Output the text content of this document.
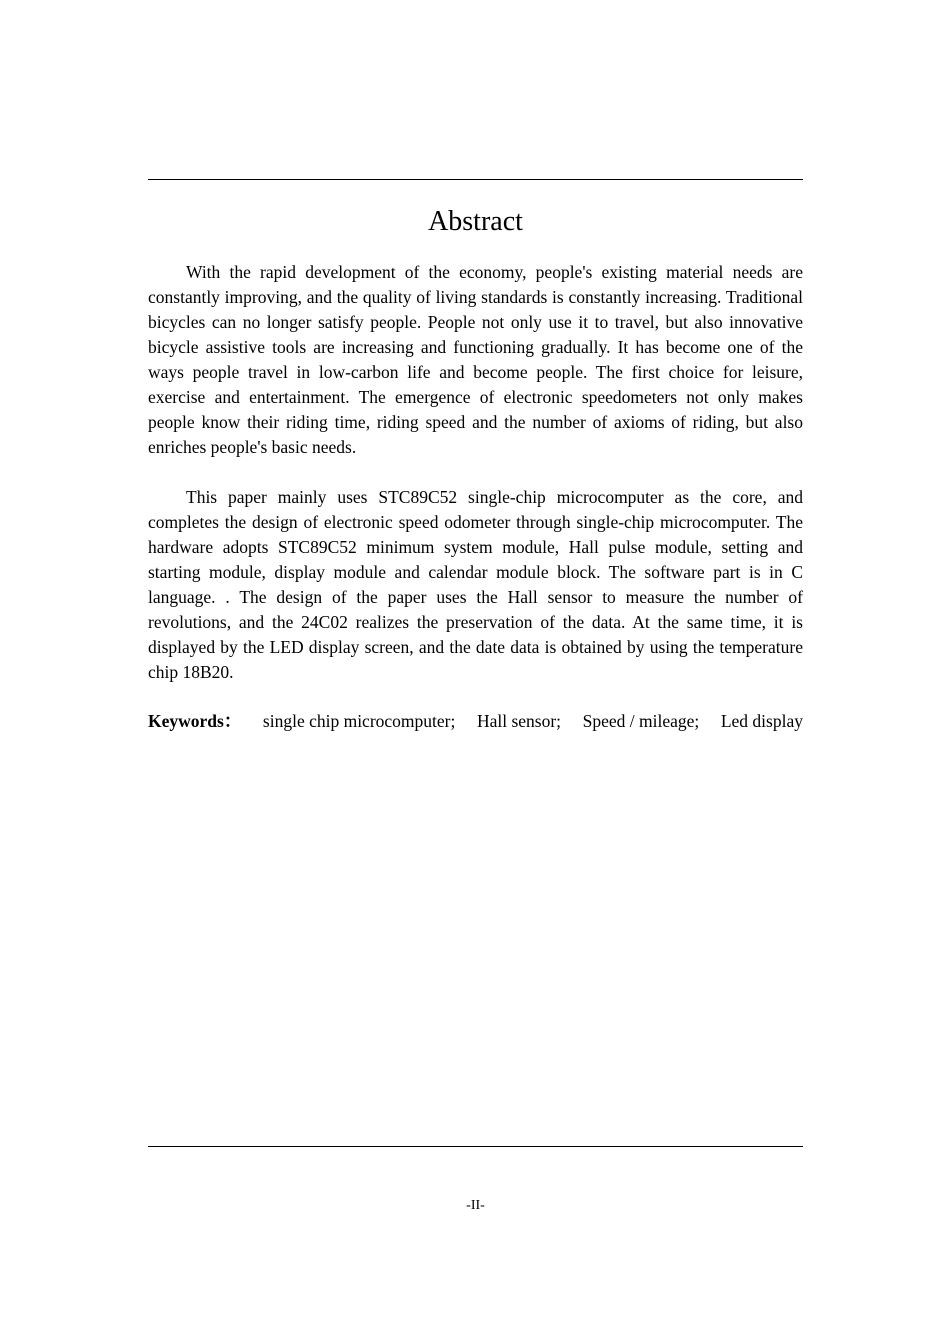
Abstract

With the rapid development of the economy, people's existing material needs are constantly improving, and the quality of living standards is constantly increasing. Traditional bicycles can no longer satisfy people. People not only use it to travel, but also innovative bicycle assistive tools are increasing and functioning gradually. It has become one of the ways people travel in low-carbon life and become people. The first choice for leisure, exercise and entertainment. The emergence of electronic speedometers not only makes people know their riding time, riding speed and the number of axioms of riding, but also enriches people's basic needs.

This paper mainly uses STC89C52 single-chip microcomputer as the core, and completes the design of electronic speed odometer through single-chip microcomputer. The hardware adopts STC89C52 minimum system module, Hall pulse module, setting and starting module, display module and calendar module block. The software part is in C language. . The design of the paper uses the Hall sensor to measure the number of revolutions, and the 24C02 realizes the preservation of the data. At the same time, it is displayed by the LED display screen, and the date data is obtained by using the temperature chip 18B20.

Keywords： single chip microcomputer; Hall sensor; Speed / mileage; Led display
-II-
